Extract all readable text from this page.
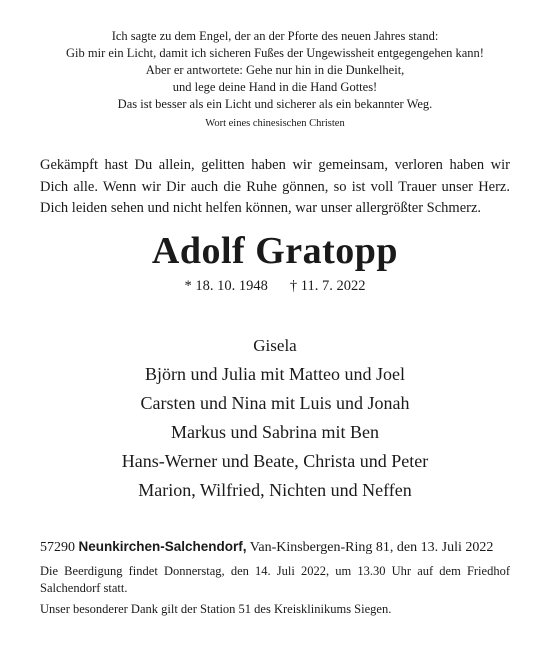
Ich sagte zu dem Engel, der an der Pforte des neuen Jahres stand:
Gib mir ein Licht, damit ich sicheren Fußes der Ungewissheit entgegengehen kann!
Aber er antwortete: Gehe nur hin in die Dunkelheit,
und lege deine Hand in die Hand Gottes!
Das ist besser als ein Licht und sicherer als ein bekannter Weg.
Wort eines chinesischen Christen
Gekämpft hast Du allein, gelitten haben wir gemeinsam, verloren haben wir Dich alle. Wenn wir Dir auch die Ruhe gönnen, so ist voll Trauer unser Herz. Dich leiden sehen und nicht helfen können, war unser allergrößter Schmerz.
Adolf Gratopp
* 18. 10. 1948 † 11. 7. 2022
Gisela
Björn und Julia mit Matteo und Joel
Carsten und Nina mit Luis und Jonah
Markus und Sabrina mit Ben
Hans-Werner und Beate, Christa und Peter
Marion, Wilfried, Nichten und Neffen
57290 Neunkirchen-Salchendorf, Van-Kinsbergen-Ring 81, den 13. Juli 2022

Die Beerdigung findet Donnerstag, den 14. Juli 2022, um 13.30 Uhr auf dem Friedhof Salchendorf statt.

Unser besonderer Dank gilt der Station 51 des Kreisklinikums Siegen.
